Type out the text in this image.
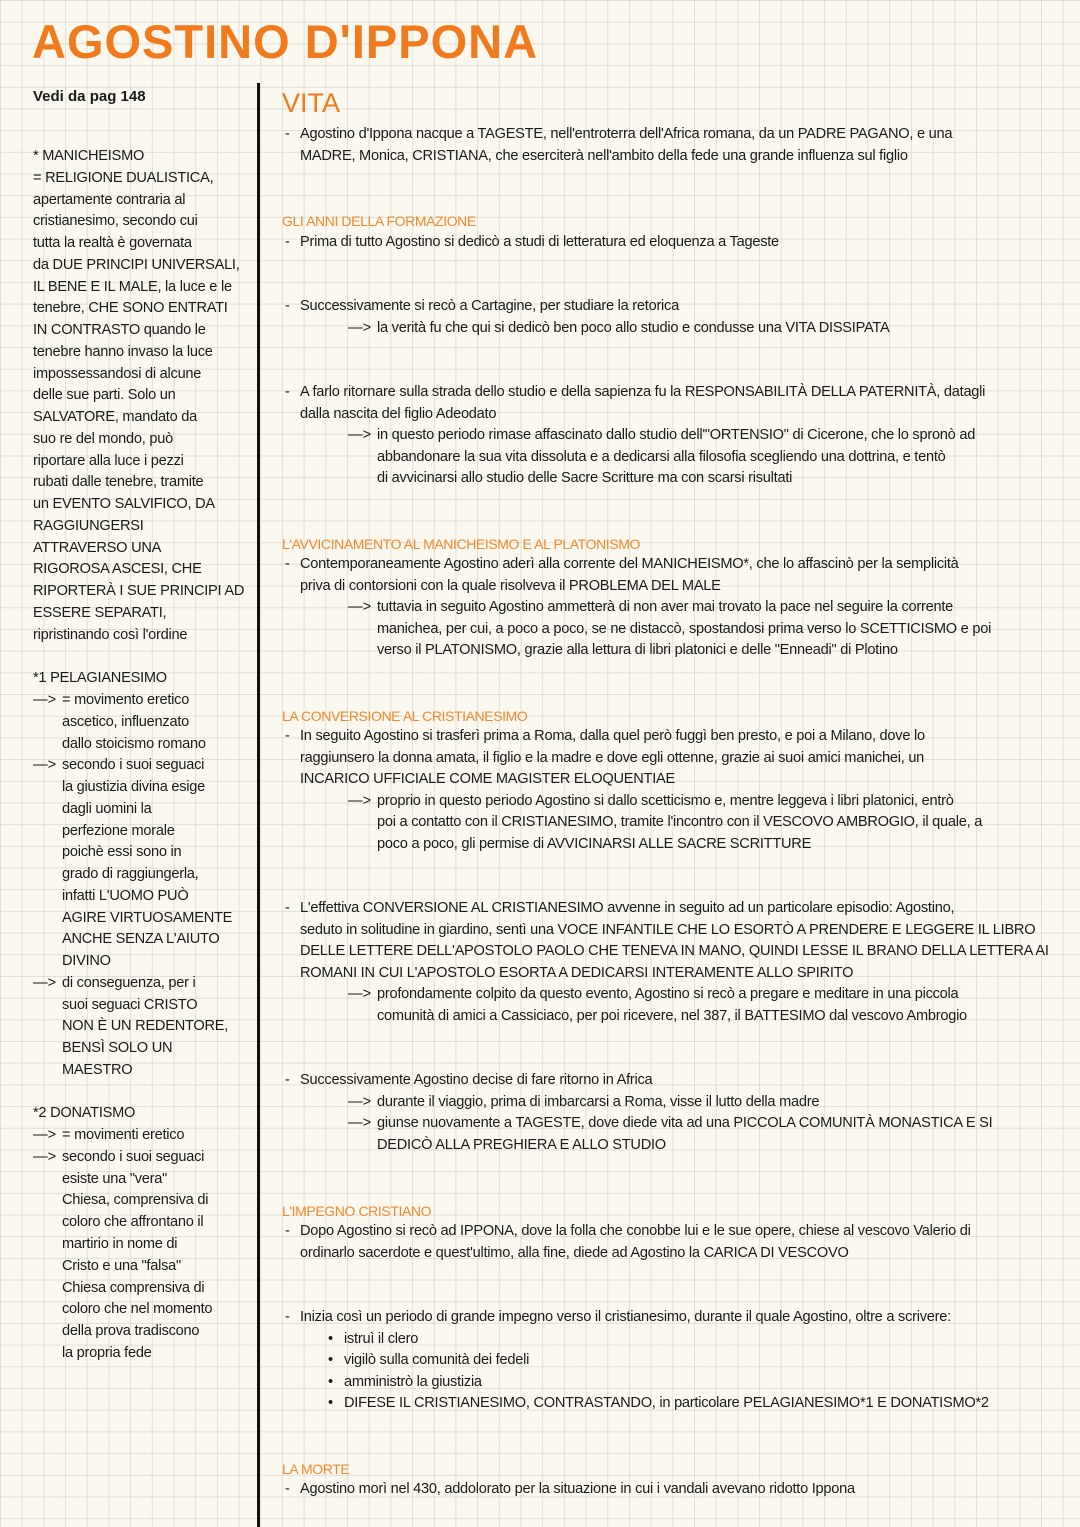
AGOSTINO D'IPPONA
Vedi da pag 148	VITA
* MANICHEISMO
= RELIGIONE DUALISTICA,
apertamente contraria al
cristianesimo, secondo cui
tutta la realtà è governata
da DUE PRINCIPI UNIVERSALI,
IL BENE E IL MALE, la luce e le
tenebre, CHE SONO ENTRATI
IN CONTRASTO quando le
tenebre hanno invaso la luce
impossessandosi di alcune
delle sue parti. Solo un
SALVATORE, mandato da
suo re del mondo, può
riportare alla luce i pezzi
rubati dalle tenebre, tramite
un EVENTO SALVIFICO, DA
RAGGIUNGERSI
ATTRAVERSO UNA
RIGOROSA ASCESI, CHE
RIPORTERÀ I SUE PRINCIPI AD
ESSERE SEPARATI,
ripristinando così l'ordine
*1 PELAGIANESIMO
—> = movimento eretico
ascetico, influenzato
dallo stoicismo romano
—> secondo i suoi seguaci
la giustizia divina esige
dagli uomini la
perfezione morale
poichè essi sono in
grado di raggiungerla,
infatti L'UOMO PUÒ
AGIRE VIRTUOSAMENTE
ANCHE SENZA L'AIUTO
DIVINO
—> di conseguenza, per i
suoi seguaci CRISTO
NON È UN REDENTORE,
BENSÌ SOLO UN
MAESTRO
*2 DONATISMO
—> = movimenti eretico
—> secondo i suoi seguaci
esiste una "vera"
Chiesa, comprensiva di
coloro che affrontano il
martirio in nome di
Cristo e una "falsa"
Chiesa comprensiva di
coloro che nel momento
della prova tradiscono
la propria fede
- Agostino d'Ippona nacque a TAGESTE, nell'entroterra dell'Africa romana, da un PADRE PAGANO, e una
MADRE, Monica, CRISTIANA, che eserciterà nell'ambito della fede una grande influenza sul figlio
GLI ANNI DELLA FORMAZIONE
- Prima di tutto Agostino si dedicò a studi di letteratura ed eloquenza a Tageste
- Successivamente si recò a Cartagine, per studiare la retorica
—> la verità fu che qui si dedicò ben poco allo studio e condusse una VITA DISSIPATA
- A farlo ritornare sulla strada dello studio e della sapienza fu la RESPONSABILITÀ DELLA PATERNITÀ, datagli
dalla nascita del figlio Adeodato
—> in questo periodo rimase affascinato dallo studio dell'"ORTENSIO" di Cicerone, che lo spronò ad
abbandonare la sua vita dissoluta e a dedicarsi alla filosofia scegliendo una dottrina, e tentò
di avvicinarsi allo studio delle Sacre Scritture ma con scarsi risultati
L'AVVICINAMENTO AL MANICHEISMO E AL PLATONISMO
- Contemporaneamente Agostino aderì alla corrente del MANICHEISMO*, che lo affascinò per la semplicità
priva di contorsioni con la quale risolveva il PROBLEMA DEL MALE
—> tuttavia in seguito Agostino ammetterà di non aver mai trovato la pace nel seguire la corrente
manichea, per cui, a poco a poco, se ne distaccò, spostandosi prima verso lo SCETTICISMO e poi
verso il PLATONISMO, grazie alla lettura di libri platonici e delle "Enneadi" di Plotino
LA CONVERSIONE AL CRISTIANESIMO
- In seguito Agostino si trasferì prima a Roma, dalla quel però fuggì ben presto, e poi a Milano, dove lo
raggiunsero la donna amata, il figlio e la madre e dove egli ottenne, grazie ai suoi amici manichei, un
INCARICO UFFICIALE COME MAGISTER ELOQUENTIAE
—> proprio in questo periodo Agostino si dallo scetticismo e, mentre leggeva i libri platonici, entrò
poi a contatto con il CRISTIANESIMO, tramite l'incontro con il VESCOVO AMBROGIO, il quale, a
poco a poco, gli permise di AVVICINARSI ALLE SACRE SCRITTURE
- L'effettiva CONVERSIONE AL CRISTIANESIMO avvenne in seguito ad un particolare episodio: Agostino,
seduto in solitudine in giardino, sentì una VOCE INFANTILE CHE LO ESORTÒ A PRENDERE E LEGGERE IL LIBRO
DELLE LETTERE DELL'APOSTOLO PAOLO CHE TENEVA IN MANO, QUINDI LESSE IL BRANO DELLA LETTERA AI
ROMANI IN CUI L'APOSTOLO ESORTA A DEDICARSI INTERAMENTE ALLO SPIRITO
—> profondamente colpito da questo evento, Agostino si recò a pregare e meditare in una piccola
comunità di amici a Cassiciaco, per poi ricevere, nel 387, il BATTESIMO dal vescovo Ambrogio
- Successivamente Agostino decise di fare ritorno in Africa
—> durante il viaggio, prima di imbarcarsi a Roma, visse il lutto della madre
—> giunse nuovamente a TAGESTE, dove diede vita ad una PICCOLA COMUNITÀ MONASTICA E SI
DEDICÒ ALLA PREGHIERA E ALLO STUDIO
L'IMPEGNO CRISTIANO
- Dopo Agostino si recò ad IPPONA, dove la folla che conobbe lui e le sue opere, chiese al vescovo Valerio di
ordinarlo sacerdote e quest'ultimo, alla fine, diede ad Agostino la CARICA DI VESCOVO
- Inizia così un periodo di grande impegno verso il cristianesimo, durante il quale Agostino, oltre a scrivere:
• istruì il clero
• vigilò sulla comunità dei fedeli
• amministrò la giustizia
• DIFESE IL CRISTIANESIMO, CONTRASTANDO, in particolare PELAGIANESIMO*1 E DONATISMO*2
LA MORTE
- Agostino morì nel 430, addolorato per la situazione in cui i vandali avevano ridotto Ippona
